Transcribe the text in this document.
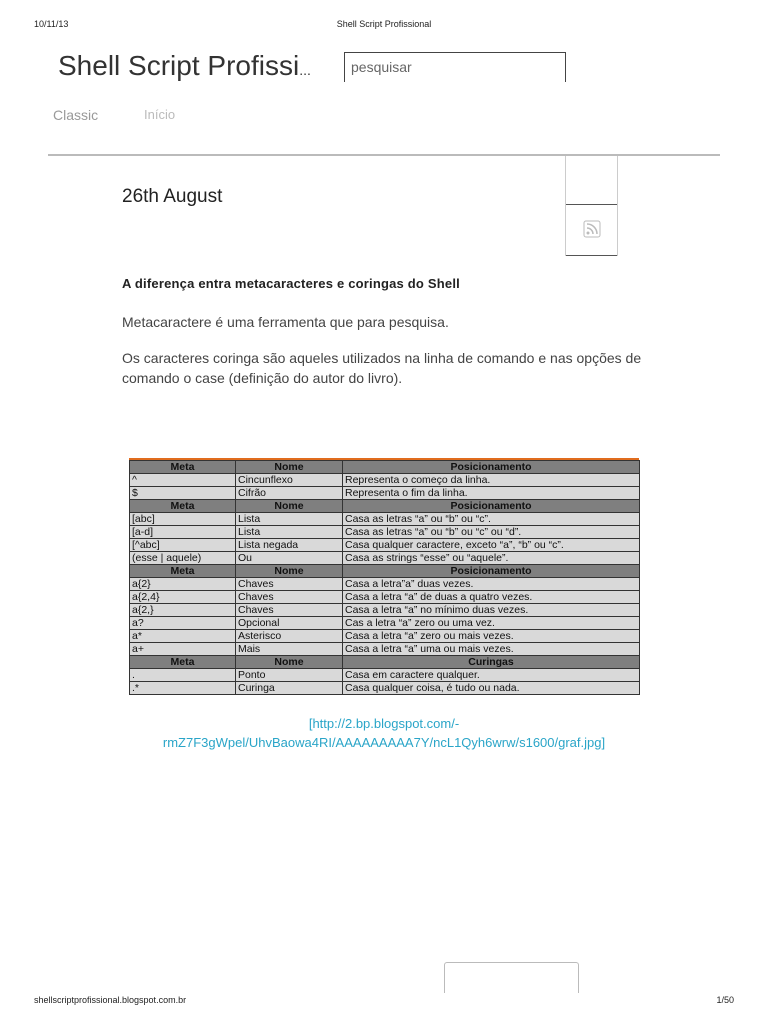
10/11/13	Shell Script Profissional
Shell Script Profissi...
pesquisar
Classic	Início
26th August
A diferença entra metacaracteres e coringas do Shell
Metacaractere é uma ferramenta que para pesquisa.
Os caracteres coringa são aqueles utilizados na linha de comando e nas opções de comando o case (definição do autor do livro).
Meta	Nome	Posicionamento
^	Cincunflexo	Representa o começo da linha.
$	Cifrão	Representa o fim da linha.
Meta	Nome	Posicionamento
[abc]	Lista	Casa as letras “a” ou “b” ou “c”.
[a-d]	Lista	Casa as letras “a” ou “b” ou “c” ou “d”.
[^abc]	Lista negada	Casa qualquer caractere, exceto “a”, “b” ou “c”.
(esse | aquele)	Ou	Casa as strings “esse” ou “aquele”.
Meta	Nome	Posicionamento
a{2}	Chaves	Casa a letra”a” duas vezes.
a{2,4}	Chaves	Casa a letra “a” de duas a quatro vezes.
a{2,}	Chaves	Casa a letra “a” no mínimo duas vezes.
a?	Opcional	Cas a letra “a” zero ou uma vez.
a*	Asterisco	Casa a letra “a” zero ou mais vezes.
a+	Mais	Casa a letra “a” uma ou mais vezes.
Meta	Nome	Curingas
.	Ponto	Casa em caractere qualquer.
.*	Curinga	Casa qualquer coisa, é tudo ou nada.
[http://2.bp.blogspot.com/-
rmZ7F3gWpel/UhvBaowa4RI/AAAAAAAAA7Y/ncL1Qyh6wrw/s1600/graf.jpg]
shellscriptprofissional.blogspot.com.br	1/50
